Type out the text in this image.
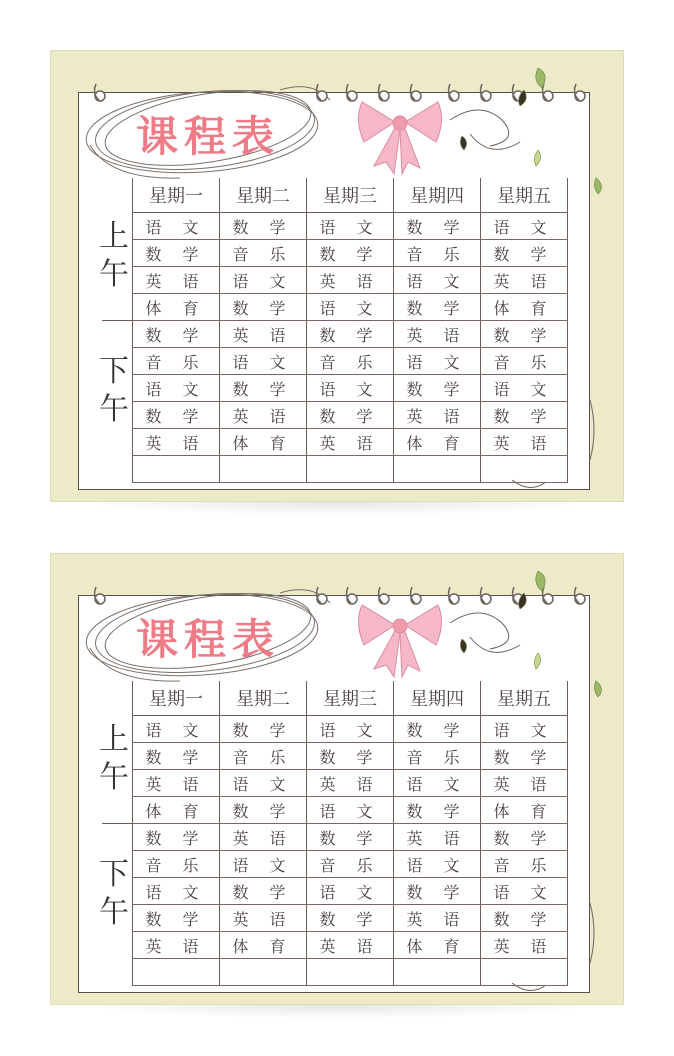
课程表
上午
下午
星期一	星期二	星期三	星期四	星期五
语 文	数 学	语 文	数 学	语 文
数 学	音 乐	数 学	音 乐	数 学
英 语	语 文	英 语	语 文	英 语
体 育	数 学	语 文	数 学	体 育
数 学	英 语	数 学	英 语	数 学
音 乐	语 文	音 乐	语 文	音 乐
语 文	数 学	语 文	数 学	语 文
数 学	英 语	数 学	英 语	数 学
英 语	体 育	英 语	体 育	英 语

课程表
上午
下午
星期一	星期二	星期三	星期四	星期五
语 文	数 学	语 文	数 学	语 文
数 学	音 乐	数 学	音 乐	数 学
英 语	语 文	英 语	语 文	英 语
体 育	数 学	语 文	数 学	体 育
数 学	英 语	数 学	英 语	数 学
音 乐	语 文	音 乐	语 文	音 乐
语 文	数 学	语 文	数 学	语 文
数 学	英 语	数 学	英 语	数 学
英 语	体 育	英 语	体 育	英 语
